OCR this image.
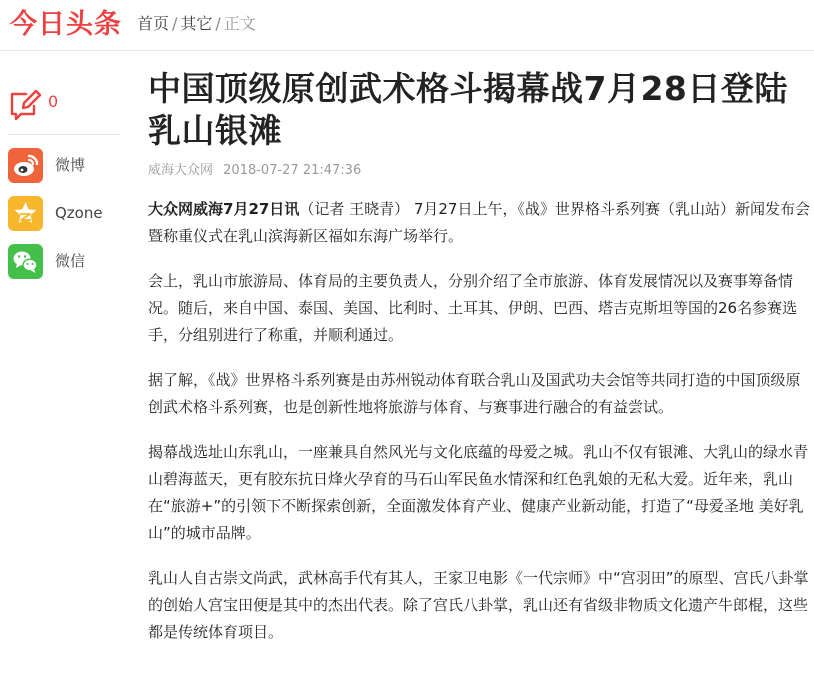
今日头条 首页 / 其它 / 正文
0
微博
Qzone
微信
中国顶级原创武术格斗揭幕战7月28日登陆乳山银滩
威海大众网 2018-07-27 21:47:36

大众网威海7月27日讯（记者 王晓青） 7月27日上午，《战》世界格斗系列赛（乳山站）新闻发布会暨称重仪式在乳山滨海新区福如东海广场举行。

会上，乳山市旅游局、体育局的主要负责人，分别介绍了全市旅游、体育发展情况以及赛事筹备情况。随后，来自中国、泰国、美国、比利时、土耳其、伊朗、巴西、塔吉克斯坦等国的26名参赛选手，分组别进行了称重，并顺利通过。

据了解，《战》世界格斗系列赛是由苏州锐动体育联合乳山及国武功夫会馆等共同打造的中国顶级原创武术格斗系列赛，也是创新性地将旅游与体育、与赛事进行融合的有益尝试。

揭幕战选址山东乳山，一座兼具自然风光与文化底蕴的母爱之城。乳山不仅有银滩、大乳山的绿水青山碧海蓝天，更有胶东抗日烽火孕育的马石山军民鱼水情深和红色乳娘的无私大爱。近年来，乳山在“旅游+”的引领下不断探索创新，全面激发体育产业、健康产业新动能，打造了“母爱圣地 美好乳山”的城市品牌。

乳山人自古崇文尚武，武林高手代有其人，王家卫电影《一代宗师》中“宫羽田”的原型、宫氏八卦掌的创始人宫宝田便是其中的杰出代表。除了宫氏八卦掌，乳山还有省级非物质文化遗产牛郎棍，这些都是传统体育项目。
